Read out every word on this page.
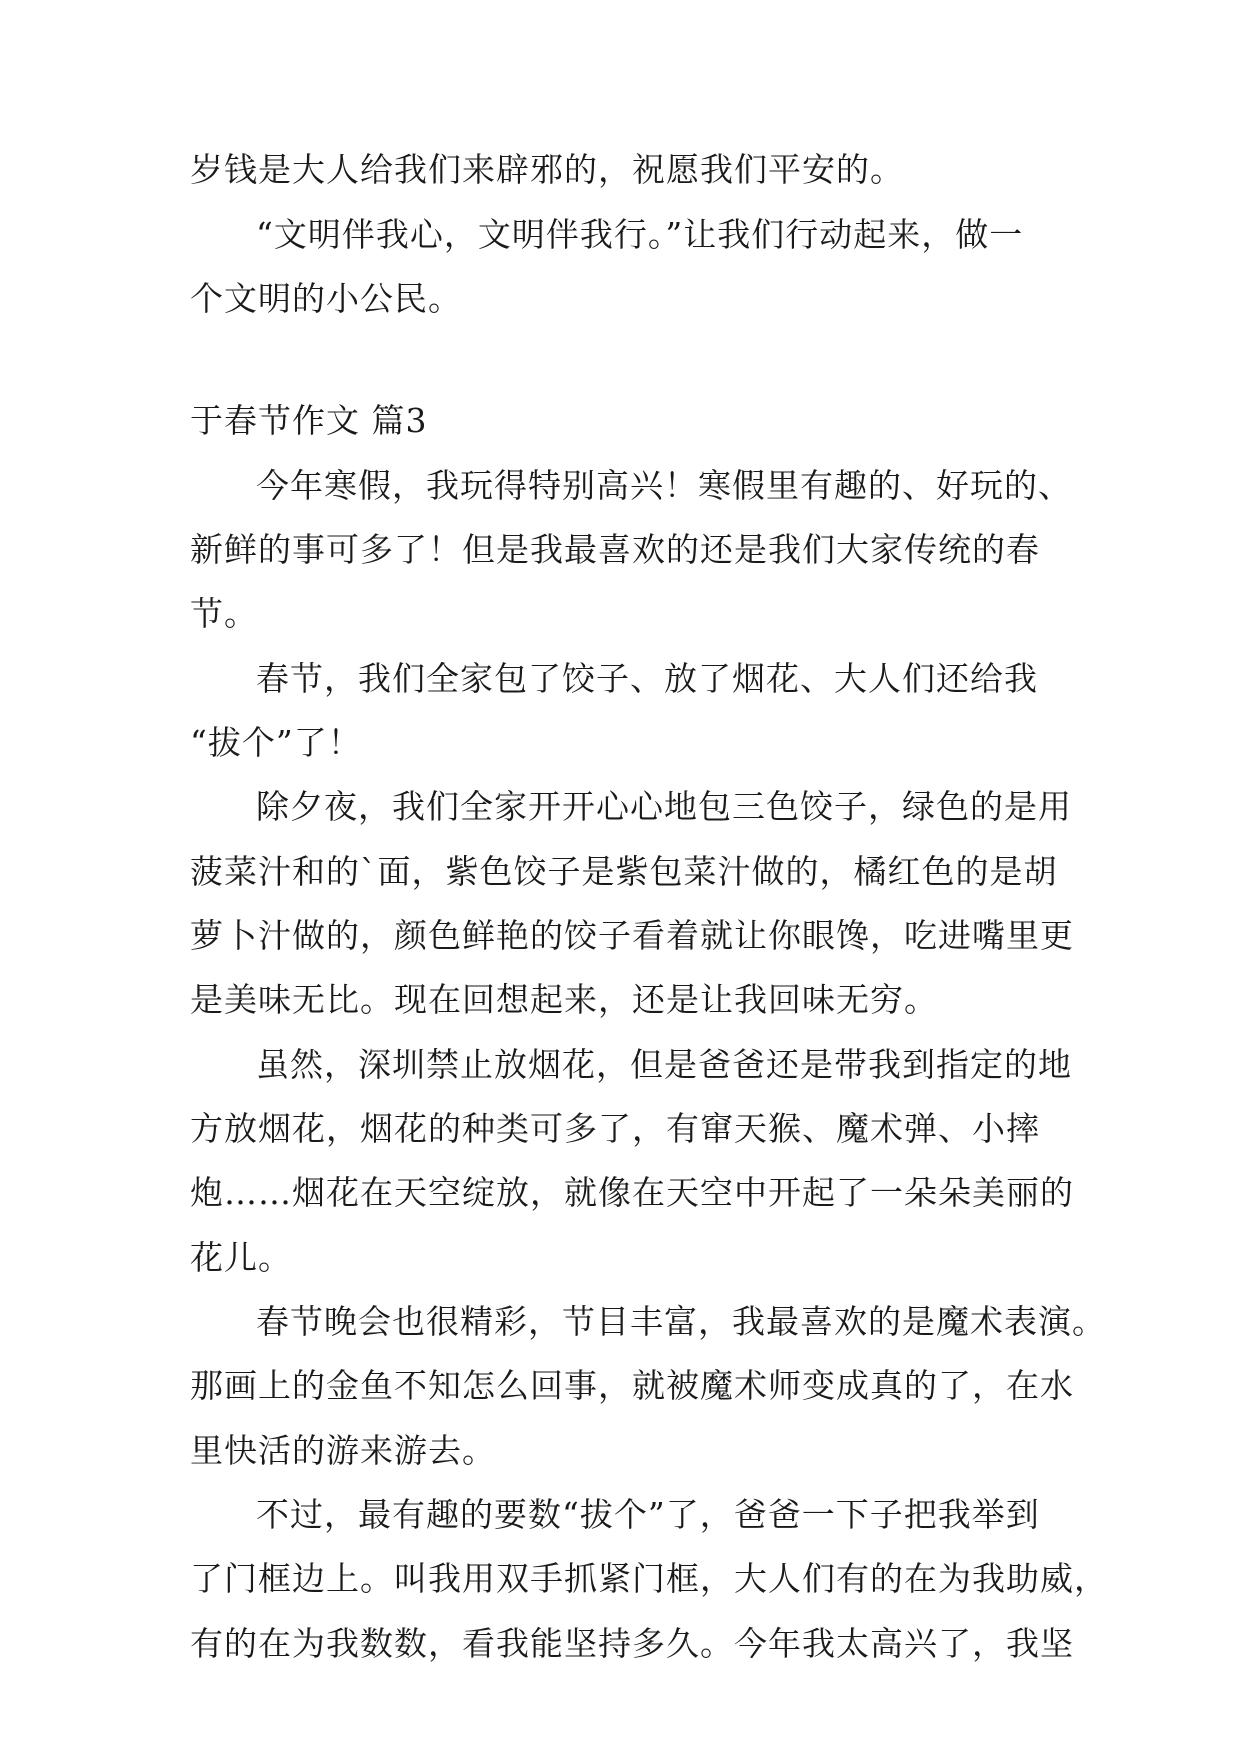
岁钱是大人给我们来辟邪的，祝愿我们平安的。
“文明伴我心，文明伴我行。”让我们行动起来，做一
个文明的小公民。
于春节作文 篇3
今年寒假，我玩得特别高兴！寒假里有趣的、好玩的、
新鲜的事可多了！但是我最喜欢的还是我们大家传统的春
节。
春节，我们全家包了饺子、放了烟花、大人们还给我
“拔个”了！
除夕夜，我们全家开开心心地包三色饺子，绿色的是用
菠菜汁和的`面，紫色饺子是紫包菜汁做的，橘红色的是胡
萝卜汁做的，颜色鲜艳的饺子看着就让你眼馋，吃进嘴里更
是美味无比。现在回想起来，还是让我回味无穷。
虽然，深圳禁止放烟花，但是爸爸还是带我到指定的地
方放烟花，烟花的种类可多了，有窜天猴、魔术弹、小摔
炮……烟花在天空绽放，就像在天空中开起了一朵朵美丽的
花儿。
春节晚会也很精彩，节目丰富，我最喜欢的是魔术表演。
那画上的金鱼不知怎么回事，就被魔术师变成真的了，在水
里快活的游来游去。
不过，最有趣的要数“拔个”了，爸爸一下子把我举到
了门框边上。叫我用双手抓紧门框，大人们有的在为我助威，
有的在为我数数，看我能坚持多久。今年我太高兴了，我坚
